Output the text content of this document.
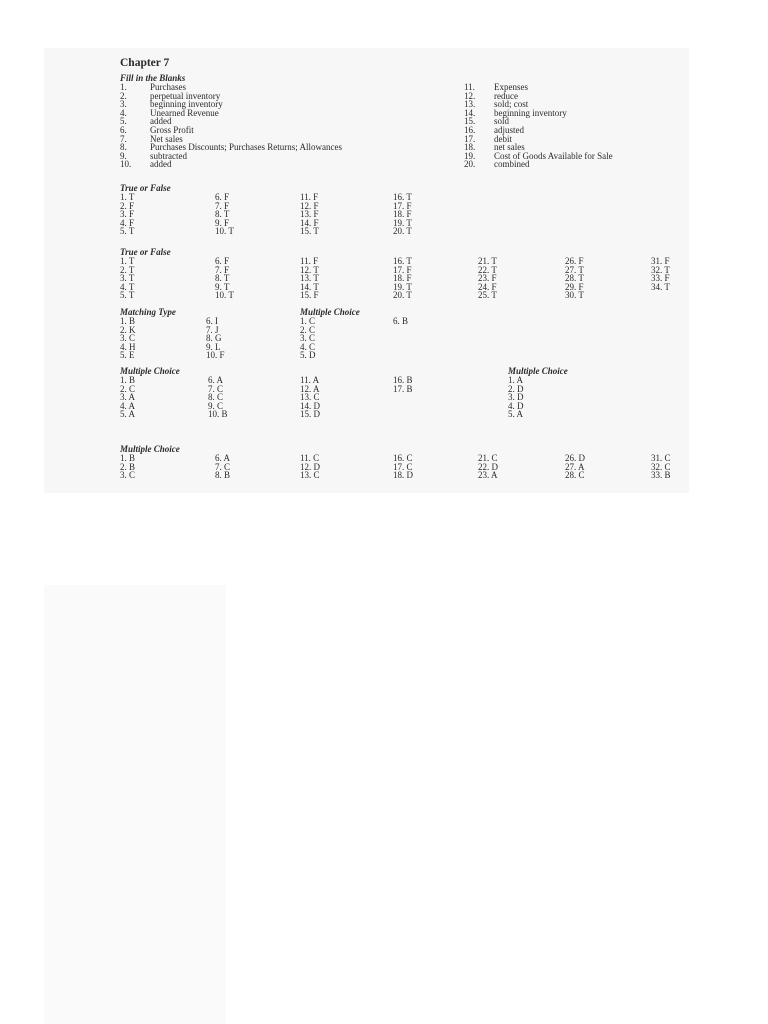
Chapter 7
Fill in the Blanks
1.	Purchases
2.	perpetual inventory
3.	beginning inventory
4.	Unearned Revenue
5.	added
6.	Gross Profit
7.	Net sales
8.	Purchases Discounts; Purchases Returns; Allowances
9.	subtracted
10. added
11. Expenses
12. reduce
13. sold; cost
14. beginning inventory
15. sold
16. adjusted
17. debit
18. net sales
19. Cost of Goods Available for Sale
20. combined
True or False
1. T
2. F
3. F
4. F
5. T
6. F
7. F
8. T
9. F
10. T
11. F
12. F
13. F
14. F
15. T
16. T
17. F
18. F
19. T
20. T
True or False
1. T
2. T
3. T
4. T
5. T
6. F
7. F
8. T
9. T
10. T
11. F
12. T
13. T
14. T
15. F
16. T
17. F
18. F
19. T
20. T
21. T
22. T
23. F
24. F
25. T
26. F
27. T
28. T
29. F
30. T
31. F
32. T
33. F
34. T
Matching Type
1. B
2. K
3. C
4. H
5. E
6. I
7. J
8. G
9. L
10. F
Multiple Choice
1. C
2. C
3. C
4. C
5. D
6. B
Multiple Choice
1. B
2. C
3. A
4. A
5. A
6. A
7. C
8. C
9. C
10. B
11. A
12. A
13. C
14. D
15. D
16. B
17. B
Multiple Choice
1. A
2. D
3. D
4. D
5. A
Multiple Choice
1. B
2. B
3. C
6. A
7. C
8. B
11. C
12. D
13. C
16. C
17. C
18. D
21. C
22. D
23. A
26. D
27. A
28. C
31. C
32. C
33. B
